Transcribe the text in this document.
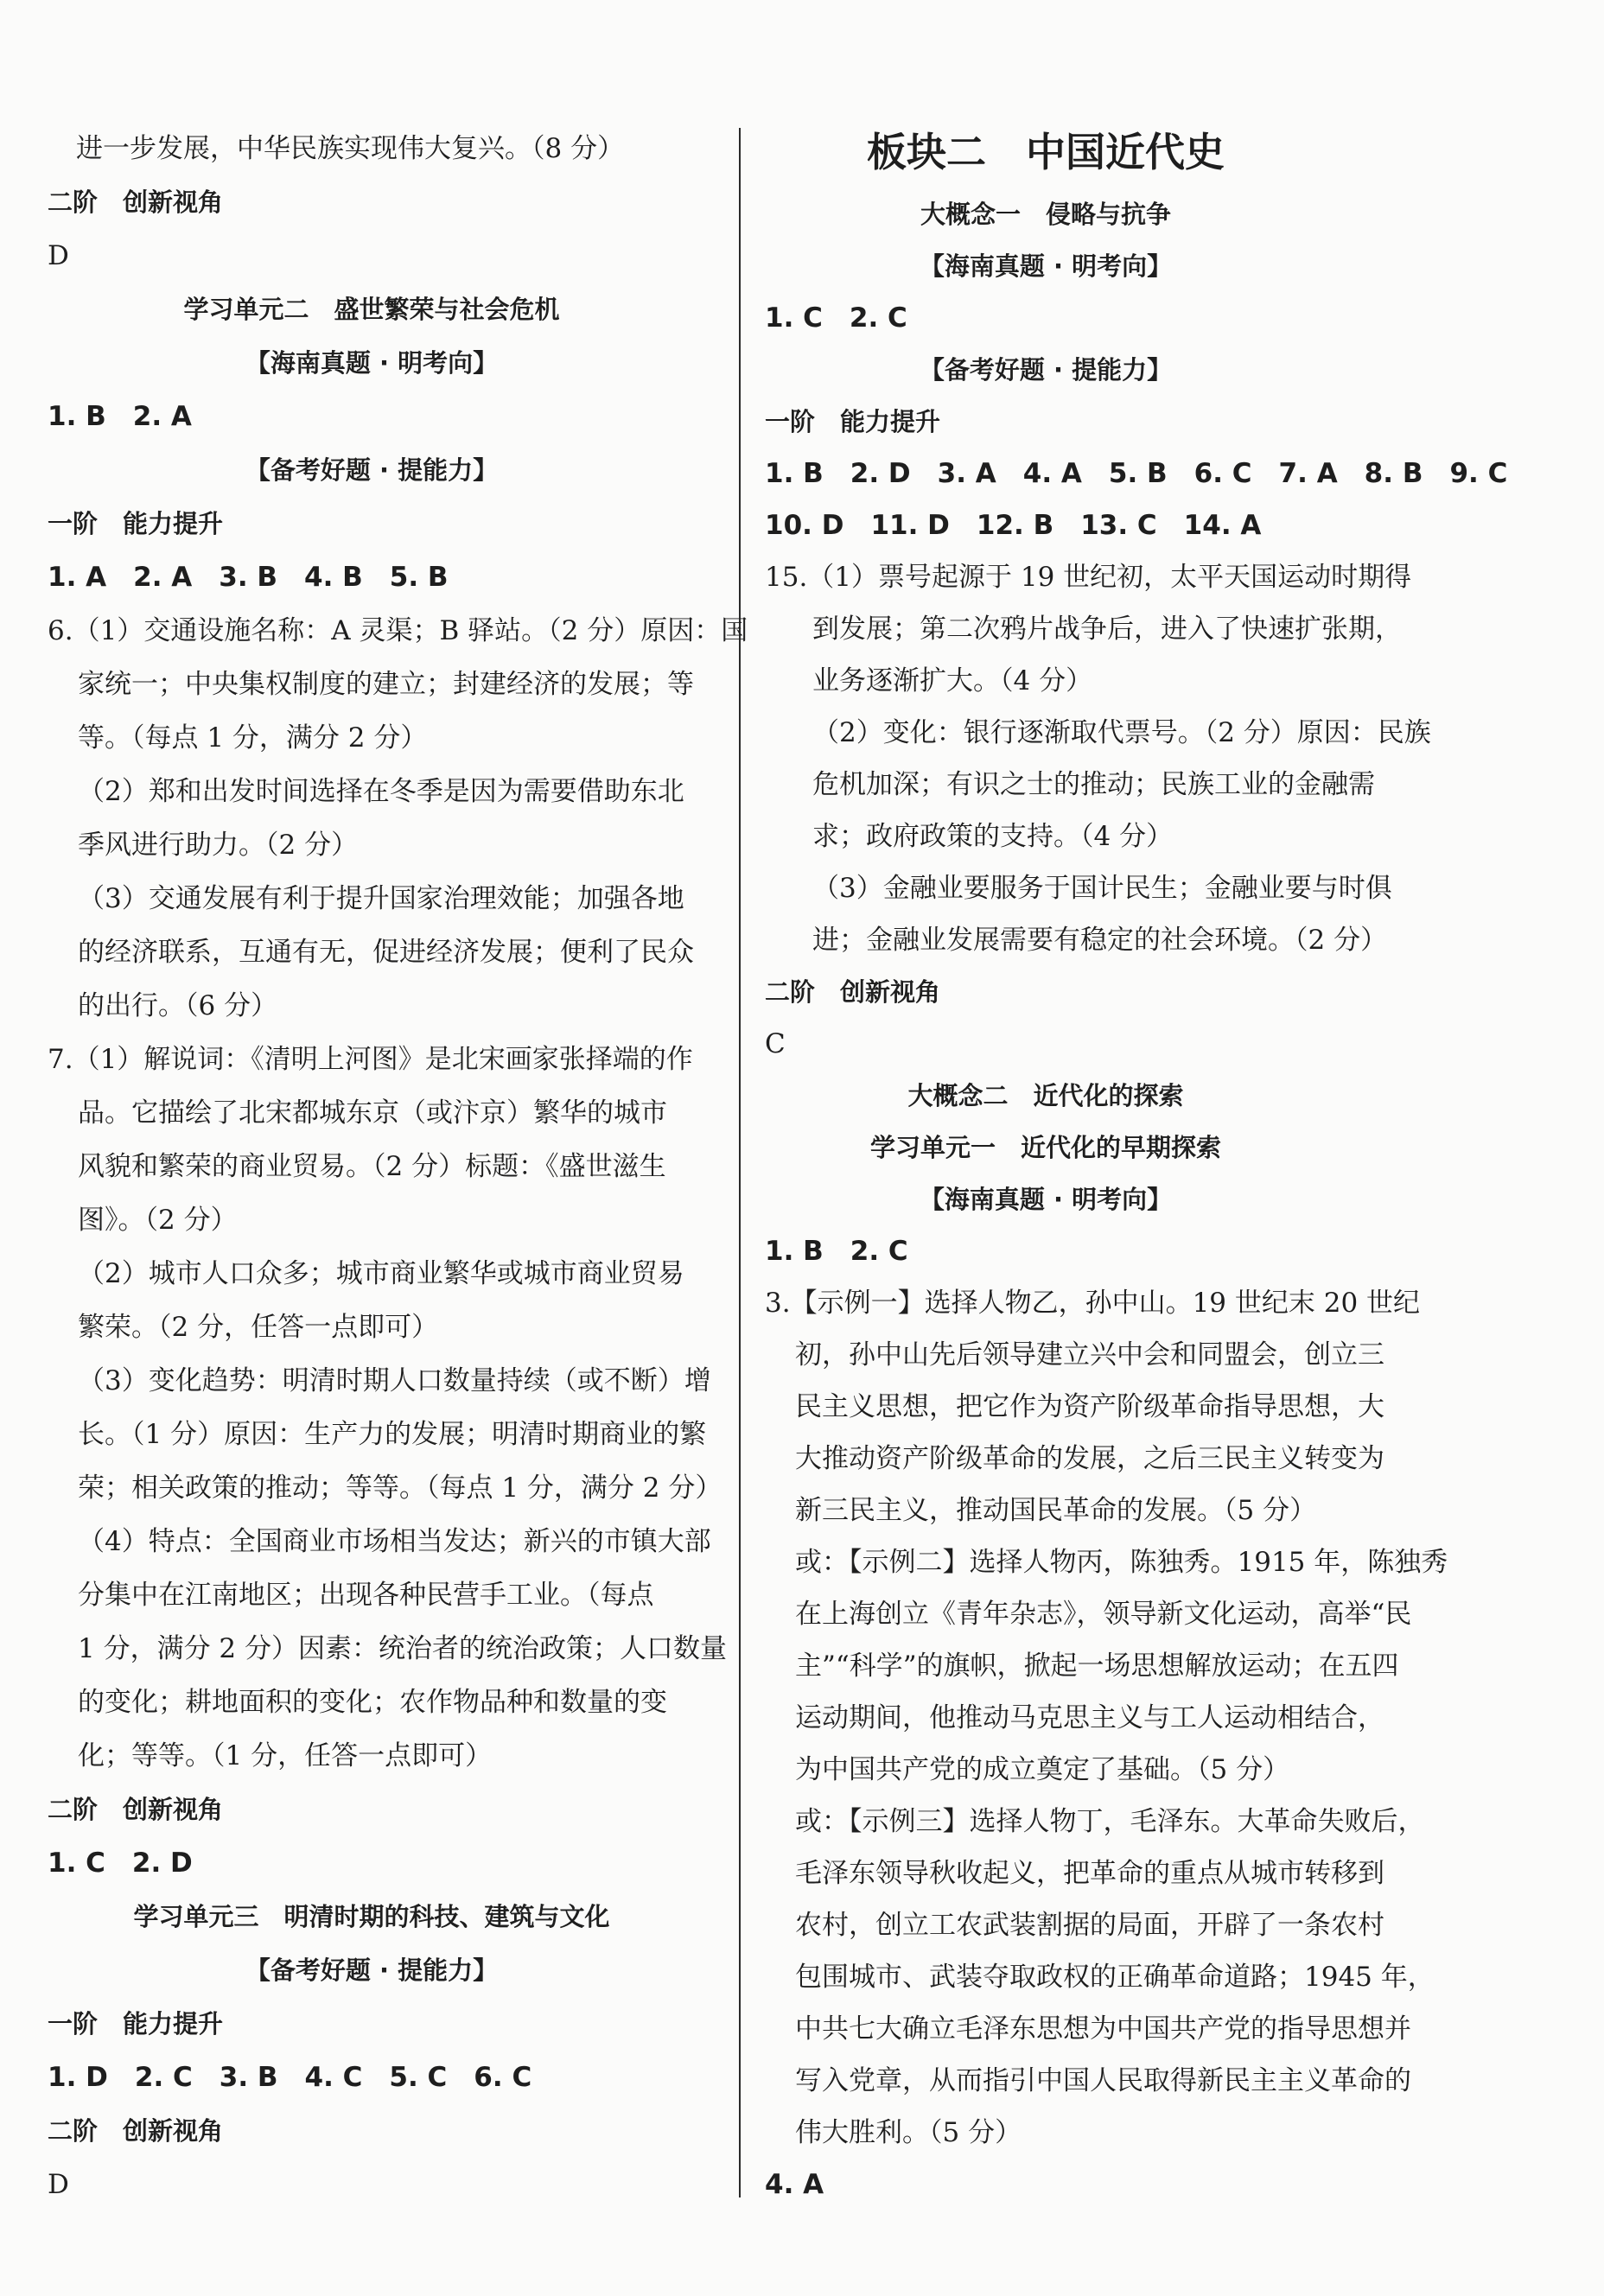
进一步发展，中华民族实现伟大复兴。（8 分）
二阶　创新视角
D
学习单元二　盛世繁荣与社会危机
【海南真题 · 明考向】
1. B　2. A
【备考好题 · 提能力】
一阶　能力提升
1. A　2. A　3. B　4. B　5. B
6.（1）交通设施名称：A 灵渠；B 驿站。（2 分）原因：国
家统一；中央集权制度的建立；封建经济的发展；等
等。（每点 1 分，满分 2 分）
（2）郑和出发时间选择在冬季是因为需要借助东北
季风进行助力。（2 分）
（3）交通发展有利于提升国家治理效能；加强各地
的经济联系，互通有无，促进经济发展；便利了民众
的出行。（6 分）
7.（1）解说词：《清明上河图》是北宋画家张择端的作
品。它描绘了北宋都城东京（或汴京）繁华的城市
风貌和繁荣的商业贸易。（2 分）标题：《盛世滋生
图》。（2 分）
（2）城市人口众多；城市商业繁华或城市商业贸易
繁荣。（2 分，任答一点即可）
（3）变化趋势：明清时期人口数量持续（或不断）增
长。（1 分）原因：生产力的发展；明清时期商业的繁
荣；相关政策的推动；等等。（每点 1 分，满分 2 分）
（4）特点：全国商业市场相当发达；新兴的市镇大部
分集中在江南地区；出现各种民营手工业。（每点
1 分，满分 2 分）因素：统治者的统治政策；人口数量
的变化；耕地面积的变化；农作物品种和数量的变
化；等等。（1 分，任答一点即可）
二阶　创新视角
1. C　2. D
学习单元三　明清时期的科技、建筑与文化
【备考好题 · 提能力】
一阶　能力提升
1. D　2. C　3. B　4. C　5. C　6. C
二阶　创新视角
D
板块二　中国近代史
大概念一　侵略与抗争
【海南真题 · 明考向】
1. C　2. C
【备考好题 · 提能力】
一阶　能力提升
1. B　2. D　3. A　4. A　5. B　6. C　7. A　8. B　9. C
10. D　11. D　12. B　13. C　14. A
15.（1）票号起源于 19 世纪初，太平天国运动时期得
到发展；第二次鸦片战争后，进入了快速扩张期，
业务逐渐扩大。（4 分）
（2）变化：银行逐渐取代票号。（2 分）原因：民族
危机加深；有识之士的推动；民族工业的金融需
求；政府政策的支持。（4 分）
（3）金融业要服务于国计民生；金融业要与时俱
进；金融业发展需要有稳定的社会环境。（2 分）
二阶　创新视角
C
大概念二　近代化的探索
学习单元一　近代化的早期探索
【海南真题 · 明考向】
1. B　2. C
3.【示例一】选择人物乙，孙中山。19 世纪末 20 世纪
初，孙中山先后领导建立兴中会和同盟会，创立三
民主义思想，把它作为资产阶级革命指导思想，大
大推动资产阶级革命的发展，之后三民主义转变为
新三民主义，推动国民革命的发展。（5 分）
或：【示例二】选择人物丙，陈独秀。1915 年，陈独秀
在上海创立《青年杂志》，领导新文化运动，高举“民
主”“科学”的旗帜，掀起一场思想解放运动；在五四
运动期间，他推动马克思主义与工人运动相结合，
为中国共产党的成立奠定了基础。（5 分）
或：【示例三】选择人物丁，毛泽东。大革命失败后，
毛泽东领导秋收起义，把革命的重点从城市转移到
农村，创立工农武装割据的局面，开辟了一条农村
包围城市、武装夺取政权的正确革命道路；1945 年，
中共七大确立毛泽东思想为中国共产党的指导思想并
写入党章，从而指引中国人民取得新民主主义革命的
伟大胜利。（5 分）
4. A
